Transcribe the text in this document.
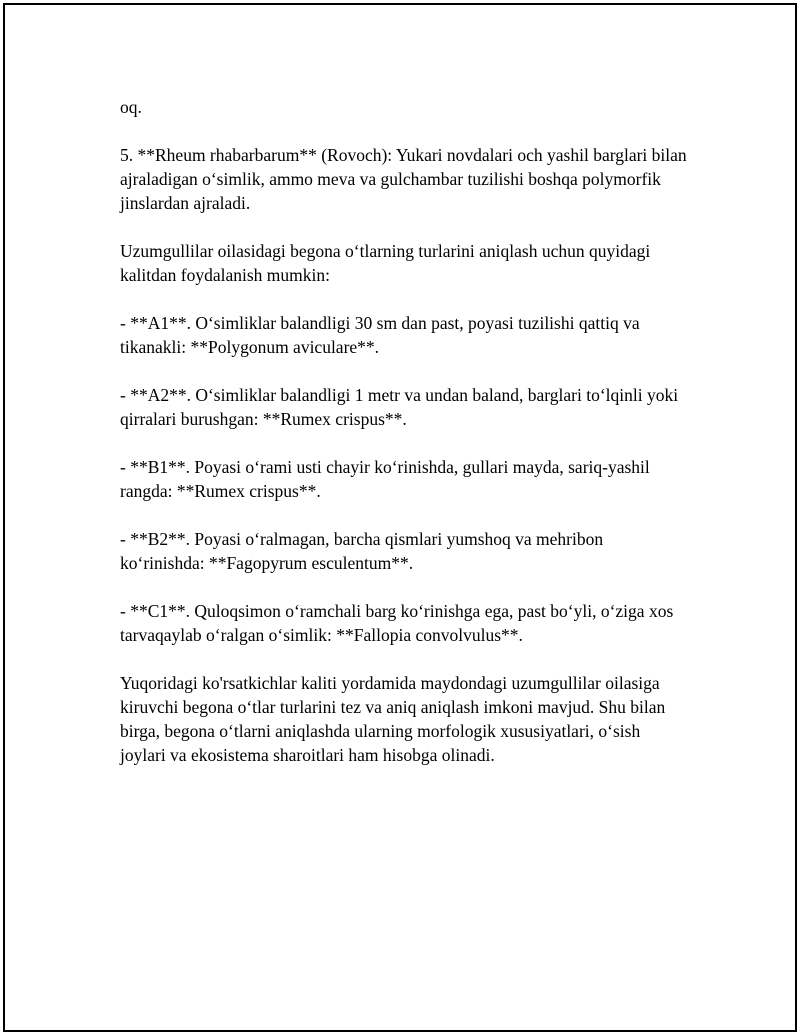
oq.

5. **Rheum rhabarbarum** (Rovoch): Yukari novdalari och yashil barglari bilan ajraladigan o‘simlik, ammo meva va gulchambar tuzilishi boshqa polymorfik jinslardan ajraladi.

Uzumgullilar oilasidagi begona o‘tlarning turlarini aniqlash uchun quyidagi kalitdan foydalanish mumkin:

- **A1**. O‘simliklar balandligi 30 sm dan past, poyasi tuzilishi qattiq va tikanakli: **Polygonum aviculare**.

- **A2**. O‘simliklar balandligi 1 metr va undan baland, barglari to‘lqinli yoki qirralari burushgan: **Rumex crispus**.

- **B1**. Poyasi o‘rami usti chayir ko‘rinishda, gullari mayda, sariq-yashil rangda: **Rumex crispus**.

- **B2**. Poyasi o‘ralmagan, barcha qismlari yumshoq va mehribon ko‘rinishda: **Fagopyrum esculentum**.

- **C1**. Quloqsimon o‘ramchali barg ko‘rinishga ega, past bo‘yli, o‘ziga xos tarvaqaylab o‘ralgan o‘simlik: **Fallopia convolvulus**.

Yuqoridagi ko'rsatkichlar kaliti yordamida maydondagi uzumgullilar oilasiga kiruvchi begona o‘tlar turlarini tez va aniq aniqlash imkoni mavjud. Shu bilan birga, begona o‘tlarni aniqlashda ularning morfologik xususiyatlari, o‘sish joylari va ekosistema sharoitlari ham hisobga olinadi.
